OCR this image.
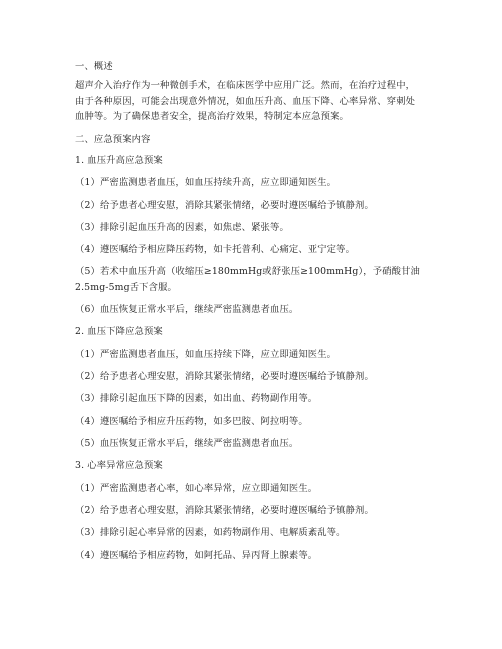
一、概述
超声介入治疗作为一种微创手术，在临床医学中应用广泛。然而，在治疗过程中，
由于各种原因，可能会出现意外情况，如血压升高、血压下降、心率异常、穿刺处
血肿等。为了确保患者安全，提高治疗效果，特制定本应急预案。
二、应急预案内容
1. 血压升高应急预案
（1）严密监测患者血压，如血压持续升高，应立即通知医生。
（2）给予患者心理安慰，消除其紧张情绪，必要时遵医嘱给予镇静剂。
（3）排除引起血压升高的因素，如焦虑、紧张等。
（4）遵医嘱给予相应降压药物，如卡托普利、心痛定、亚宁定等。
（5）若术中血压升高（收缩压≥180mmHg或舒张压≥100mmHg），予硝酸甘油
2.5mg-5mg舌下含服。
（6）血压恢复正常水平后，继续严密监测患者血压。
2. 血压下降应急预案
（1）严密监测患者血压，如血压持续下降，应立即通知医生。
（2）给予患者心理安慰，消除其紧张情绪，必要时遵医嘱给予镇静剂。
（3）排除引起血压下降的因素，如出血、药物副作用等。
（4）遵医嘱给予相应升压药物，如多巴胺、阿拉明等。
（5）血压恢复正常水平后，继续严密监测患者血压。
3. 心率异常应急预案
（1）严密监测患者心率，如心率异常，应立即通知医生。
（2）给予患者心理安慰，消除其紧张情绪，必要时遵医嘱给予镇静剂。
（3）排除引起心率异常的因素，如药物副作用、电解质紊乱等。
（4）遵医嘱给予相应药物，如阿托品、异丙肾上腺素等。
